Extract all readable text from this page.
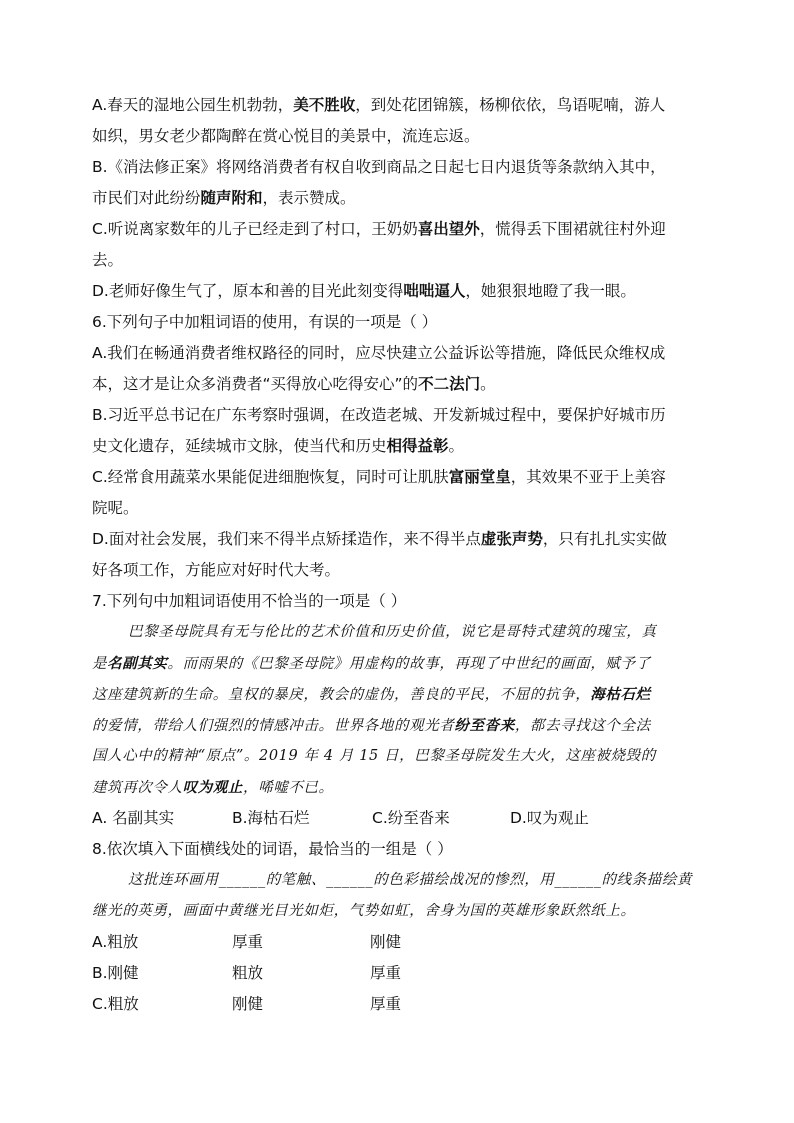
A.春天的湿地公园生机勃勃，美不胜收，到处花团锦簇，杨柳依依，鸟语呢喃，游人
如织，男女老少都陶醉在赏心悦目的美景中，流连忘返。
B.《消法修正案》将网络消费者有权自收到商品之日起七日内退货等条款纳入其中，
市民们对此纷纷随声附和，表示赞成。
C.听说离家数年的儿子已经走到了村口，王奶奶喜出望外，慌得丢下围裙就往村外迎
去。
D.老师好像生气了，原本和善的目光此刻变得咄咄逼人，她狠狠地瞪了我一眼。
6.下列句子中加粗词语的使用，有误的一项是（ ）
A.我们在畅通消费者维权路径的同时，应尽快建立公益诉讼等措施，降低民众维权成
本，这才是让众多消费者“买得放心吃得安心”的不二法门。
B.习近平总书记在广东考察时强调，在改造老城、开发新城过程中，要保护好城市历
史文化遗存，延续城市文脉，使当代和历史相得益彰。
C.经常食用蔬菜水果能促进细胞恢复，同时可让肌肤富丽堂皇，其效果不亚于上美容
院呢。
D.面对社会发展，我们来不得半点矫揉造作，来不得半点虚张声势，只有扎扎实实做
好各项工作，方能应对好时代大考。
7.下列句中加粗词语使用不恰当的一项是（ ）
巴黎圣母院具有无与伦比的艺术价值和历史价值，说它是哥特式建筑的瑰宝，真
是名副其实。而雨果的《巴黎圣母院》用虚构的故事，再现了中世纪的画面，赋予了
这座建筑新的生命。皇权的暴戾，教会的虚伪，善良的平民，不屈的抗争，海枯石烂
的爱情，带给人们强烈的情感冲击。世界各地的观光者纷至沓来，都去寻找这个全法
国人心中的精神“原点”。2019 年 4 月 15 日，巴黎圣母院发生大火，这座被烧毁的
建筑再次令人叹为观止，唏嘘不已。
A. 名副其实	B.海枯石烂	C.纷至沓来	D.叹为观止
8.依次填入下面横线处的词语，最恰当的一组是（ ）
这批连环画用______的笔触、______的色彩描绘战况的惨烈，用______的线条描绘黄
继光的英勇，画面中黄继光目光如炬，气势如虹，舍身为国的英雄形象跃然纸上。
A.粗放	厚重	刚健
B.刚健	粗放	厚重
C.粗放	刚健	厚重
